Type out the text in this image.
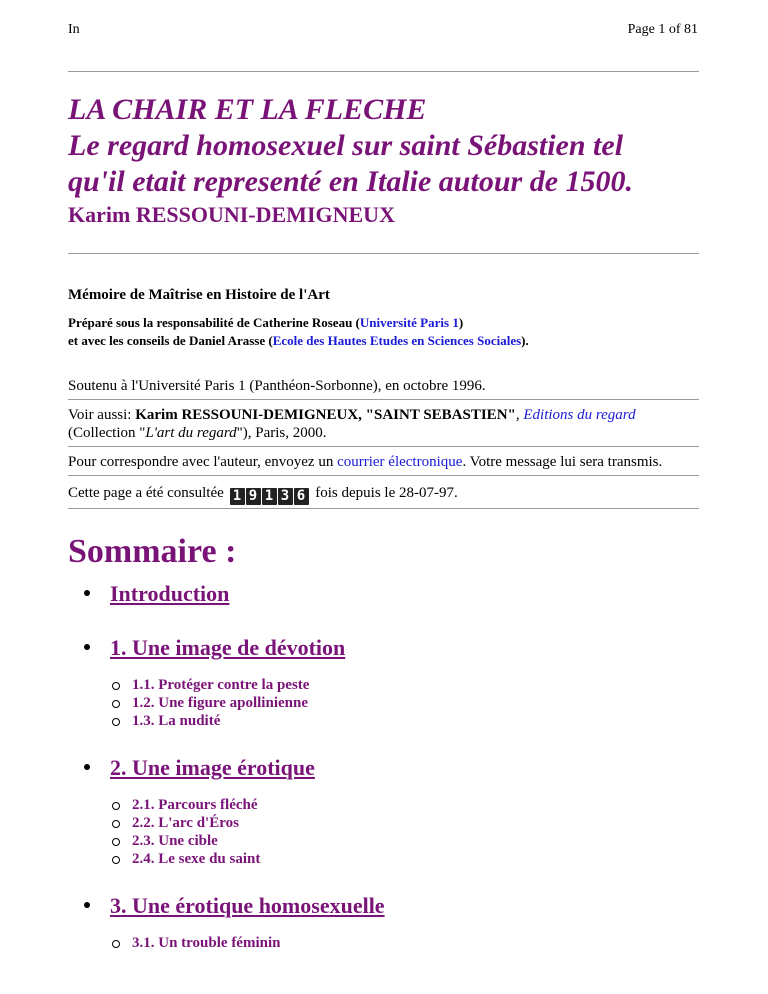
In	Page 1 of 81

LA CHAIR ET LA FLECHE

Le regard homosexuel sur saint Sébastien tel

qu'il etait representé en Italie autour de 1500.

Karim RESSOUNI-DEMIGNEUX
Mémoire de Maîtrise en Histoire de l'Art
Préparé sous la responsabilité de Catherine Roseau (Université Paris 1)
et avec les conseils de Daniel Arasse (Ecole des Hautes Etudes en Sciences Sociales).
Soutenu à l'Université Paris 1 (Panthéon-Sorbonne), en octobre 1996.
Voir aussi: Karim RESSOUNI-DEMIGNEUX, "SAINT SEBASTIEN", Editions du regard
(Collection "L'art du regard"), Paris, 2000.
Pour correspondre avec l'auteur, envoyez un courrier électronique. Votre message lui sera transmis.
Cette page a été consultée 1 9 1 3 6 fois depuis le 28-07-97.
Sommaire :
Introduction
1. Une image de dévotion
1.1. Protéger contre la peste
1.2. Une figure apollinienne
1.3. La nudité
2. Une image érotique
2.1. Parcours fléché
2.2. L'arc d'Éros
2.3. Une cible
2.4. Le sexe du saint
3. Une érotique homosexuelle
3.1. Un trouble féminin
